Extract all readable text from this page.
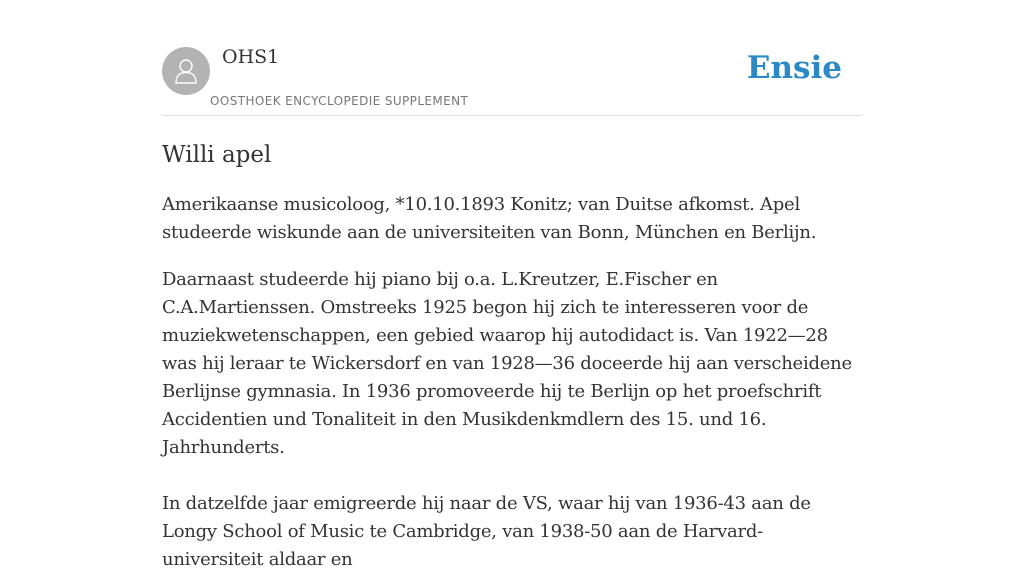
OHS1
OOSTHOEK ENCYCLOPEDIE SUPPLEMENT
Ensie
Willi apel

Amerikaanse musicoloog, *10.10.1893 Konitz; van Duitse afkomst. Apel studeerde wiskunde aan de universiteiten van Bonn, München en Berlijn.

Daarnaast studeerde hij piano bij o.a. L.Kreutzer, E.Fischer en C.A.Martienssen. Omstreeks 1925 begon hij zich te interesseren voor de muziekwetenschappen, een gebied waarop hij autodidact is. Van 1922—28 was hij leraar te Wickersdorf en van 1928—36 doceerde hij aan verscheidene Berlijnse gymnasia. In 1936 promoveerde hij te Berlijn op het proefschrift Accidentien und Tonaliteit in den Musikdenkmdlern des 15. und 16. Jahrhunderts.

In datzelfde jaar emigreerde hij naar de VS, waar hij van 1936-43 aan de Longy School of Music te Cambridge, van 1938-50 aan de Harvard-universiteit aldaar en
